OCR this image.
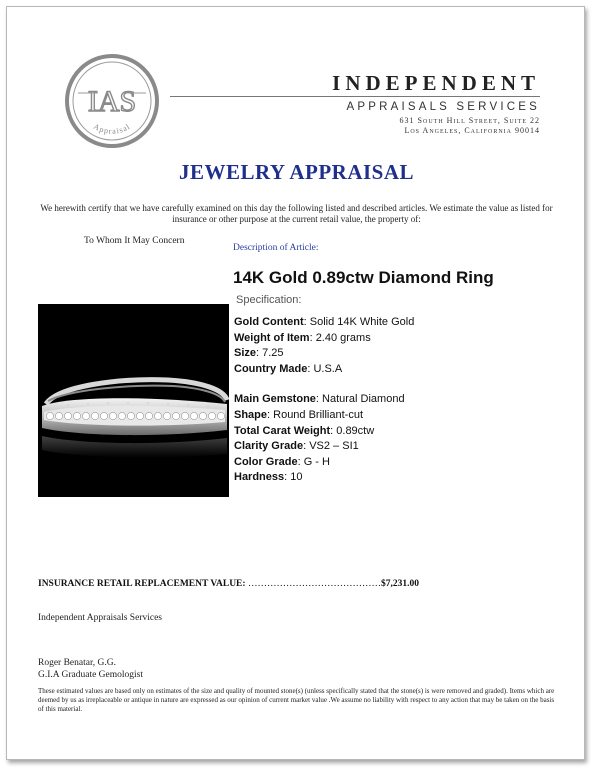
IAS
Appraisal
INDEPENDENT
APPRAISALS SERVICES
631 South Hill Street, Suite 22
Los Angeles, California 90014
JEWELRY APPRAISAL
We herewith certify that we have carefully examined on this day the following listed and described articles. We estimate the value as listed for insurance or other purpose at the current retail value, the property of:
To Whom It May Concern
Description of Article:
14K Gold 0.89ctw Diamond Ring
Specification:
Gold Content: Solid 14K White Gold
Weight of Item: 2.40 grams
Size: 7.25
Country Made: U.S.A
Main Gemstone: Natural Diamond
Shape: Round Brilliant-cut
Total Carat Weight: 0.89ctw
Clarity Grade: VS2 – SI1
Color Grade: G - H
Hardness: 10
INSURANCE RETAIL REPLACEMENT VALUE: ……………………………………$7,231.00
Independent Appraisals Services
Roger Benatar, G.G.
G.I.A Graduate Gemologist
These estimated values are based only on estimates of the size and quality of mounted stone(s) (unless specifically stated that the stone(s) is were removed and graded). Items which are deemed by us as irreplaceable or antique in nature are expressed as our opinion of current market value .We assume no liability with respect to any action that may be taken on the basis of this material.
